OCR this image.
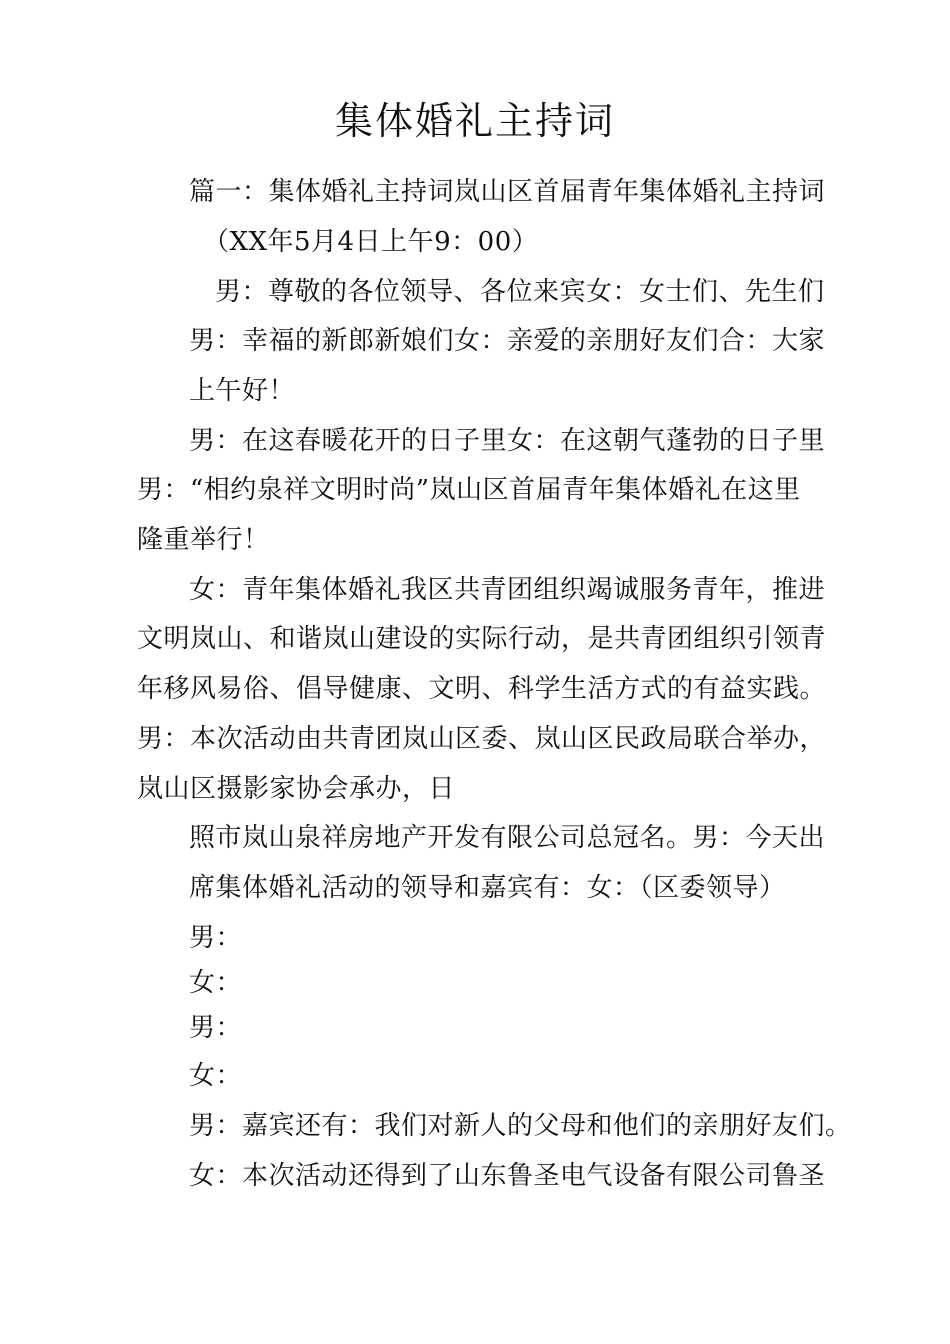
集体婚礼主持词
篇一：集体婚礼主持词岚山区首届青年集体婚礼主持词
（XX年5月4日上午9：00）
男：尊敬的各位领导、各位来宾女：女士们、先生们
男：幸福的新郎新娘们女：亲爱的亲朋好友们合：大家
上午好！
男：在这春暖花开的日子里女：在这朝气蓬勃的日子里
男：“相约泉祥文明时尚”岚山区首届青年集体婚礼在这里
隆重举行！
女：青年集体婚礼我区共青团组织竭诚服务青年，推进
文明岚山、和谐岚山建设的实际行动，是共青团组织引领青
年移风易俗、倡导健康、文明、科学生活方式的有益实践。
男：本次活动由共青团岚山区委、岚山区民政局联合举办，
岚山区摄影家协会承办，日
照市岚山泉祥房地产开发有限公司总冠名。男：今天出
席集体婚礼活动的领导和嘉宾有：女：（区委领导）
男：
女：
男：
女：
男：嘉宾还有：我们对新人的父母和他们的亲朋好友们。
女：本次活动还得到了山东鲁圣电气设备有限公司鲁圣
